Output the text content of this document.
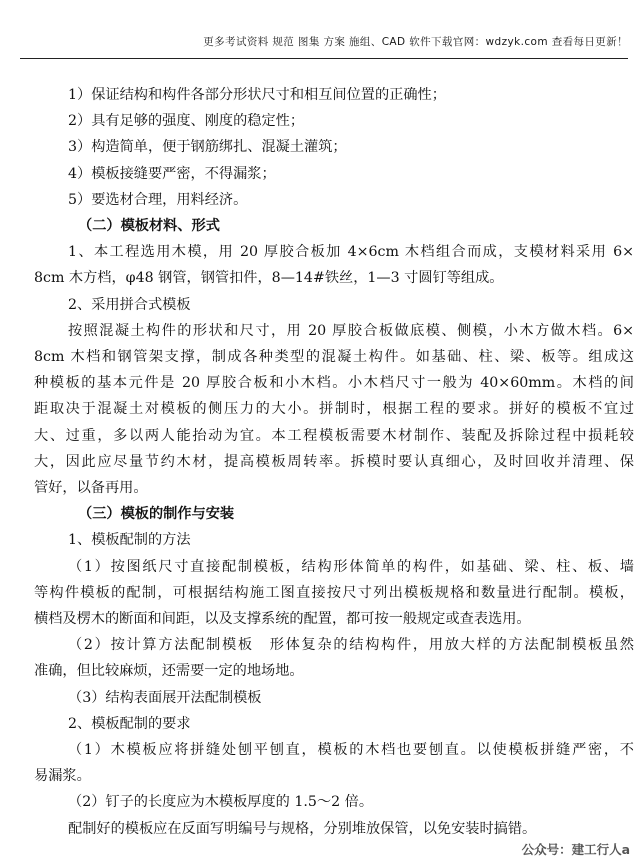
更多考试资料 规范 图集 方案 施组、CAD 软件下载官网：wdzyk.com 查看每日更新！
1）保证结构和构件各部分形状尺寸和相互间位置的正确性；
2）具有足够的强度、刚度的稳定性；
3）构造简单，便于钢筋绑扎、混凝土灌筑；
4）模板接缝要严密，不得漏浆；
5）要选材合理，用料经济。
（二）模板材料、形式
1、本工程选用木模，用 20 厚胶合板加 4×6cm 木档组合而成，支模材料采用 6×
8cm 木方档，φ48 钢管，钢管扣件，8—14#铁丝，1—3 寸圆钉等组成。
2、采用拼合式模板
按照混凝土构件的形状和尺寸，用 20 厚胶合板做底模、侧模，小木方做木档。6×
8cm 木档和钢管架支撑，制成各种类型的混凝土构件。如基础、柱、梁、板等。组成这
种模板的基本元件是 20 厚胶合板和小木档。小木档尺寸一般为 40×60mm。木档的间
距取决于混凝土对模板的侧压力的大小。拼制时，根据工程的要求。拼好的模板不宜过
大、过重，多以两人能抬动为宜。本工程模板需要木材制作、装配及拆除过程中损耗较
大，因此应尽量节约木材，提高模板周转率。拆模时要认真细心，及时回收并清理、保
管好，以备再用。
（三）模板的制作与安装
1、模板配制的方法
（1）按图纸尺寸直接配制模板，结构形体简单的构件，如基础、梁、柱、板、墙
等构件模板的配制，可根据结构施工图直接按尺寸列出模板规格和数量进行配制。模板，
横档及楞木的断面和间距，以及支撑系统的配置，都可按一般规定或查表选用。
（2）按计算方法配制模板　形体复杂的结构构件，用放大样的方法配制模板虽然
准确，但比较麻烦，还需要一定的地场地。
（3）结构表面展开法配制模板
2、模板配制的要求
（1）木模板应将拼缝处刨平刨直，模板的木档也要刨直。以使模板拼缝严密，不
易漏浆。
（2）钉子的长度应为木模板厚度的 1.5～2 倍。
配制好的模板应在反面写明编号与规格，分别堆放保管，以免安装时搞错。
公众号：建工行人a
